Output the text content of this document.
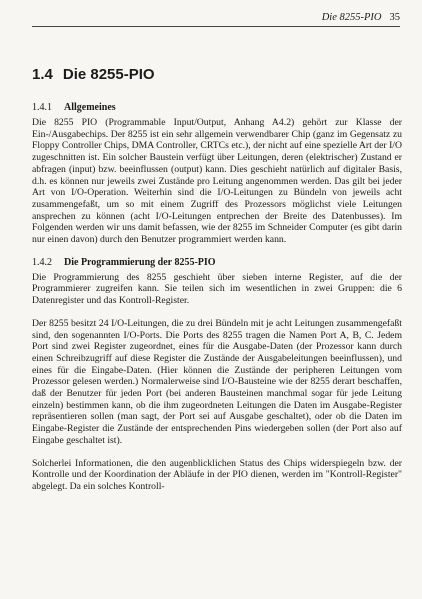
Die 8255-PIO 35
1.4 Die 8255-PIO
1.4.1 Allgemeines

Die 8255 PIO (Programmable Input/Output, Anhang A4.2) gehört zur Klasse der Ein-/Ausgabechips. Der 8255 ist ein sehr allgemein verwendbarer Chip (ganz im Gegensatz zu Floppy Controller Chips, DMA Controller, CRTCs etc.), der nicht auf eine spezielle Art der I/O zugeschnitten ist. Ein solcher Baustein verfügt über Leitungen, deren (elektrischer) Zustand er abfragen (input) bzw. beeinflussen (output) kann. Dies geschieht natürlich auf digitaler Basis, d.h. es können nur jeweils zwei Zustände pro Leitung angenommen werden. Das gilt bei jeder Art von I/O-Operation. Weiterhin sind die I/O-Leitungen zu Bündeln von jeweils acht zusammengefaßt, um so mit einem Zugriff des Prozessors möglichst viele Leitungen ansprechen zu können (acht I/O-Leitungen entprechen der Breite des Datenbusses). Im Folgenden werden wir uns damit befassen, wie der 8255 im Schneider Computer (es gibt darin nur einen davon) durch den Benutzer programmiert werden kann.

1.4.2 Die Programmierung der 8255-PIO

Die Programmierung des 8255 geschieht über sieben interne Register, auf die der Programmierer zugreifen kann. Sie teilen sich im wesentlichen in zwei Gruppen: die 6 Datenregister und das Kontroll-Register.

Der 8255 besitzt 24 I/O-Leitungen, die zu drei Bündeln mit je acht Leitungen zusammengefaßt sind, den sogenannten I/O-Ports. Die Ports des 8255 tragen die Namen Port A, B, C. Jedem Port sind zwei Register zugeordnet, eines für die Ausgabe-Daten (der Prozessor kann durch einen Schreibzugriff auf diese Register die Zustände der Ausgabeleitungen beeinflussen), und eines für die Eingabe-Daten. (Hier können die Zustände der peripheren Leitungen vom Prozessor gelesen werden.) Normalerweise sind I/O-Bausteine wie der 8255 derart beschaffen, daß der Benutzer für jeden Port (bei anderen Bausteinen manchmal sogar für jede Leitung einzeln) bestimmen kann, ob die ihm zugeordneten Leitungen die Daten im Ausgabe-Register repräsentieren sollen (man sagt, der Port sei auf Ausgabe geschaltet), oder ob die Daten im Eingabe-Register die Zustände der entsprechenden Pins wiedergeben sollen (der Port also auf Eingabe geschaltet ist).

Solcherlei Informationen, die den augenblicklichen Status des Chips widerspiegeln bzw. der Kontrolle und der Koordination der Abläufe in der PIO dienen, werden im "Kontroll-Register" abgelegt. Da ein solches Kontroll-
